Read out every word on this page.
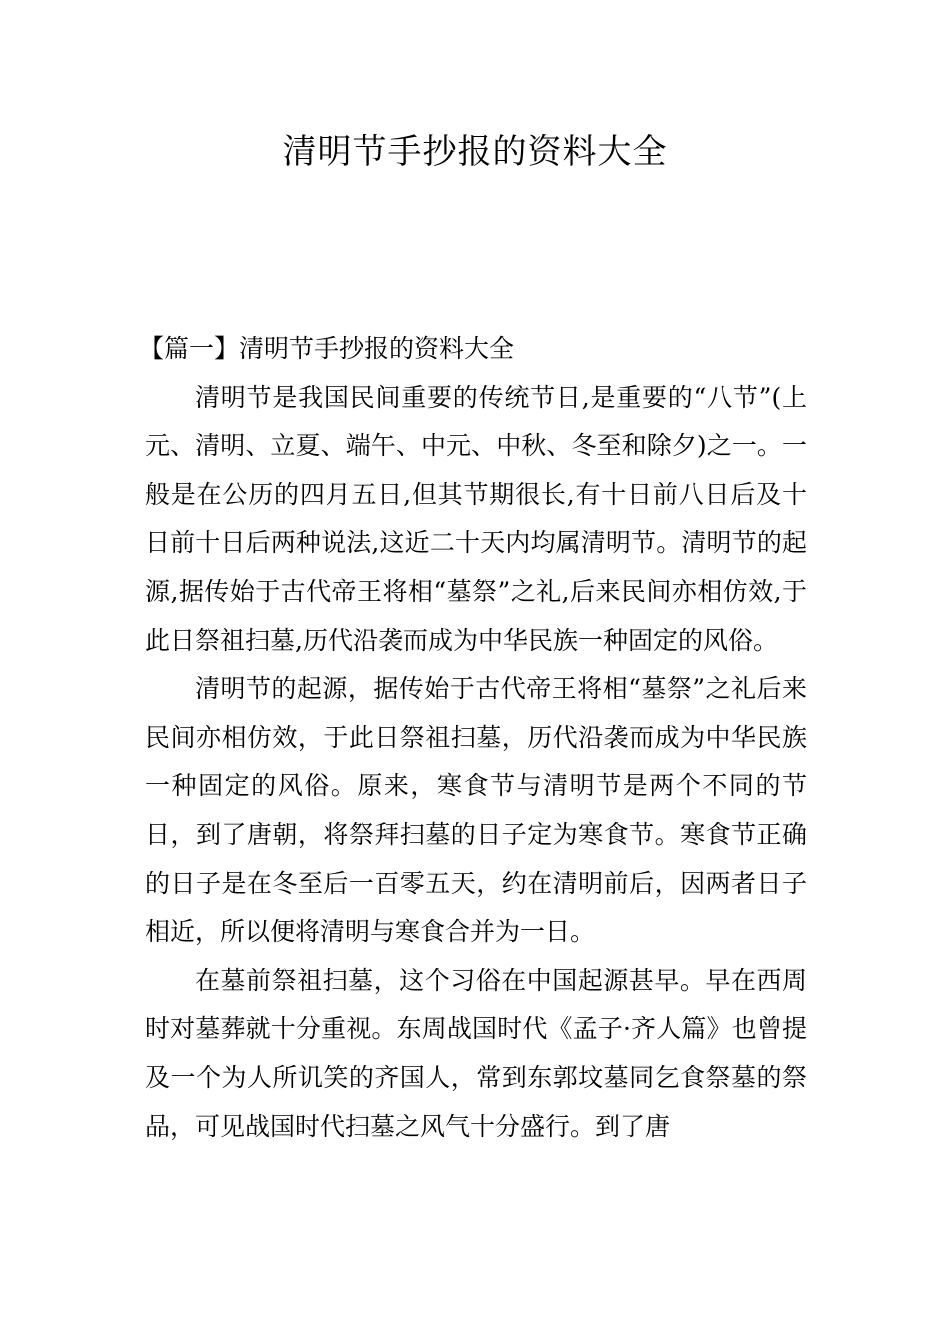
清明节手抄报的资料大全

【篇一】清明节手抄报的资料大全

清明节是我国民间重要的传统节日,是重要的“八节”(上元、清明、立夏、端午、中元、中秋、冬至和除夕)之一。一般是在公历的四月五日,但其节期很长,有十日前八日后及十日前十日后两种说法,这近二十天内均属清明节。清明节的起源,据传始于古代帝王将相“墓祭”之礼,后来民间亦相仿效,于此日祭祖扫墓,历代沿袭而成为中华民族一种固定的风俗。

清明节的起源，据传始于古代帝王将相“墓祭”之礼后来民间亦相仿效，于此日祭祖扫墓，历代沿袭而成为中华民族一种固定的风俗。原来，寒食节与清明节是两个不同的节日，到了唐朝，将祭拜扫墓的日子定为寒食节。寒食节正确的日子是在冬至后一百零五天，约在清明前后，因两者日子相近，所以便将清明与寒食合并为一日。

在墓前祭祖扫墓，这个习俗在中国起源甚早。早在西周时对墓葬就十分重视。东周战国时代《孟子·齐人篇》也曾提及一个为人所讥笑的齐国人，常到东郭坟墓同乞食祭墓的祭品，可见战国时代扫墓之风气十分盛行。到了唐
